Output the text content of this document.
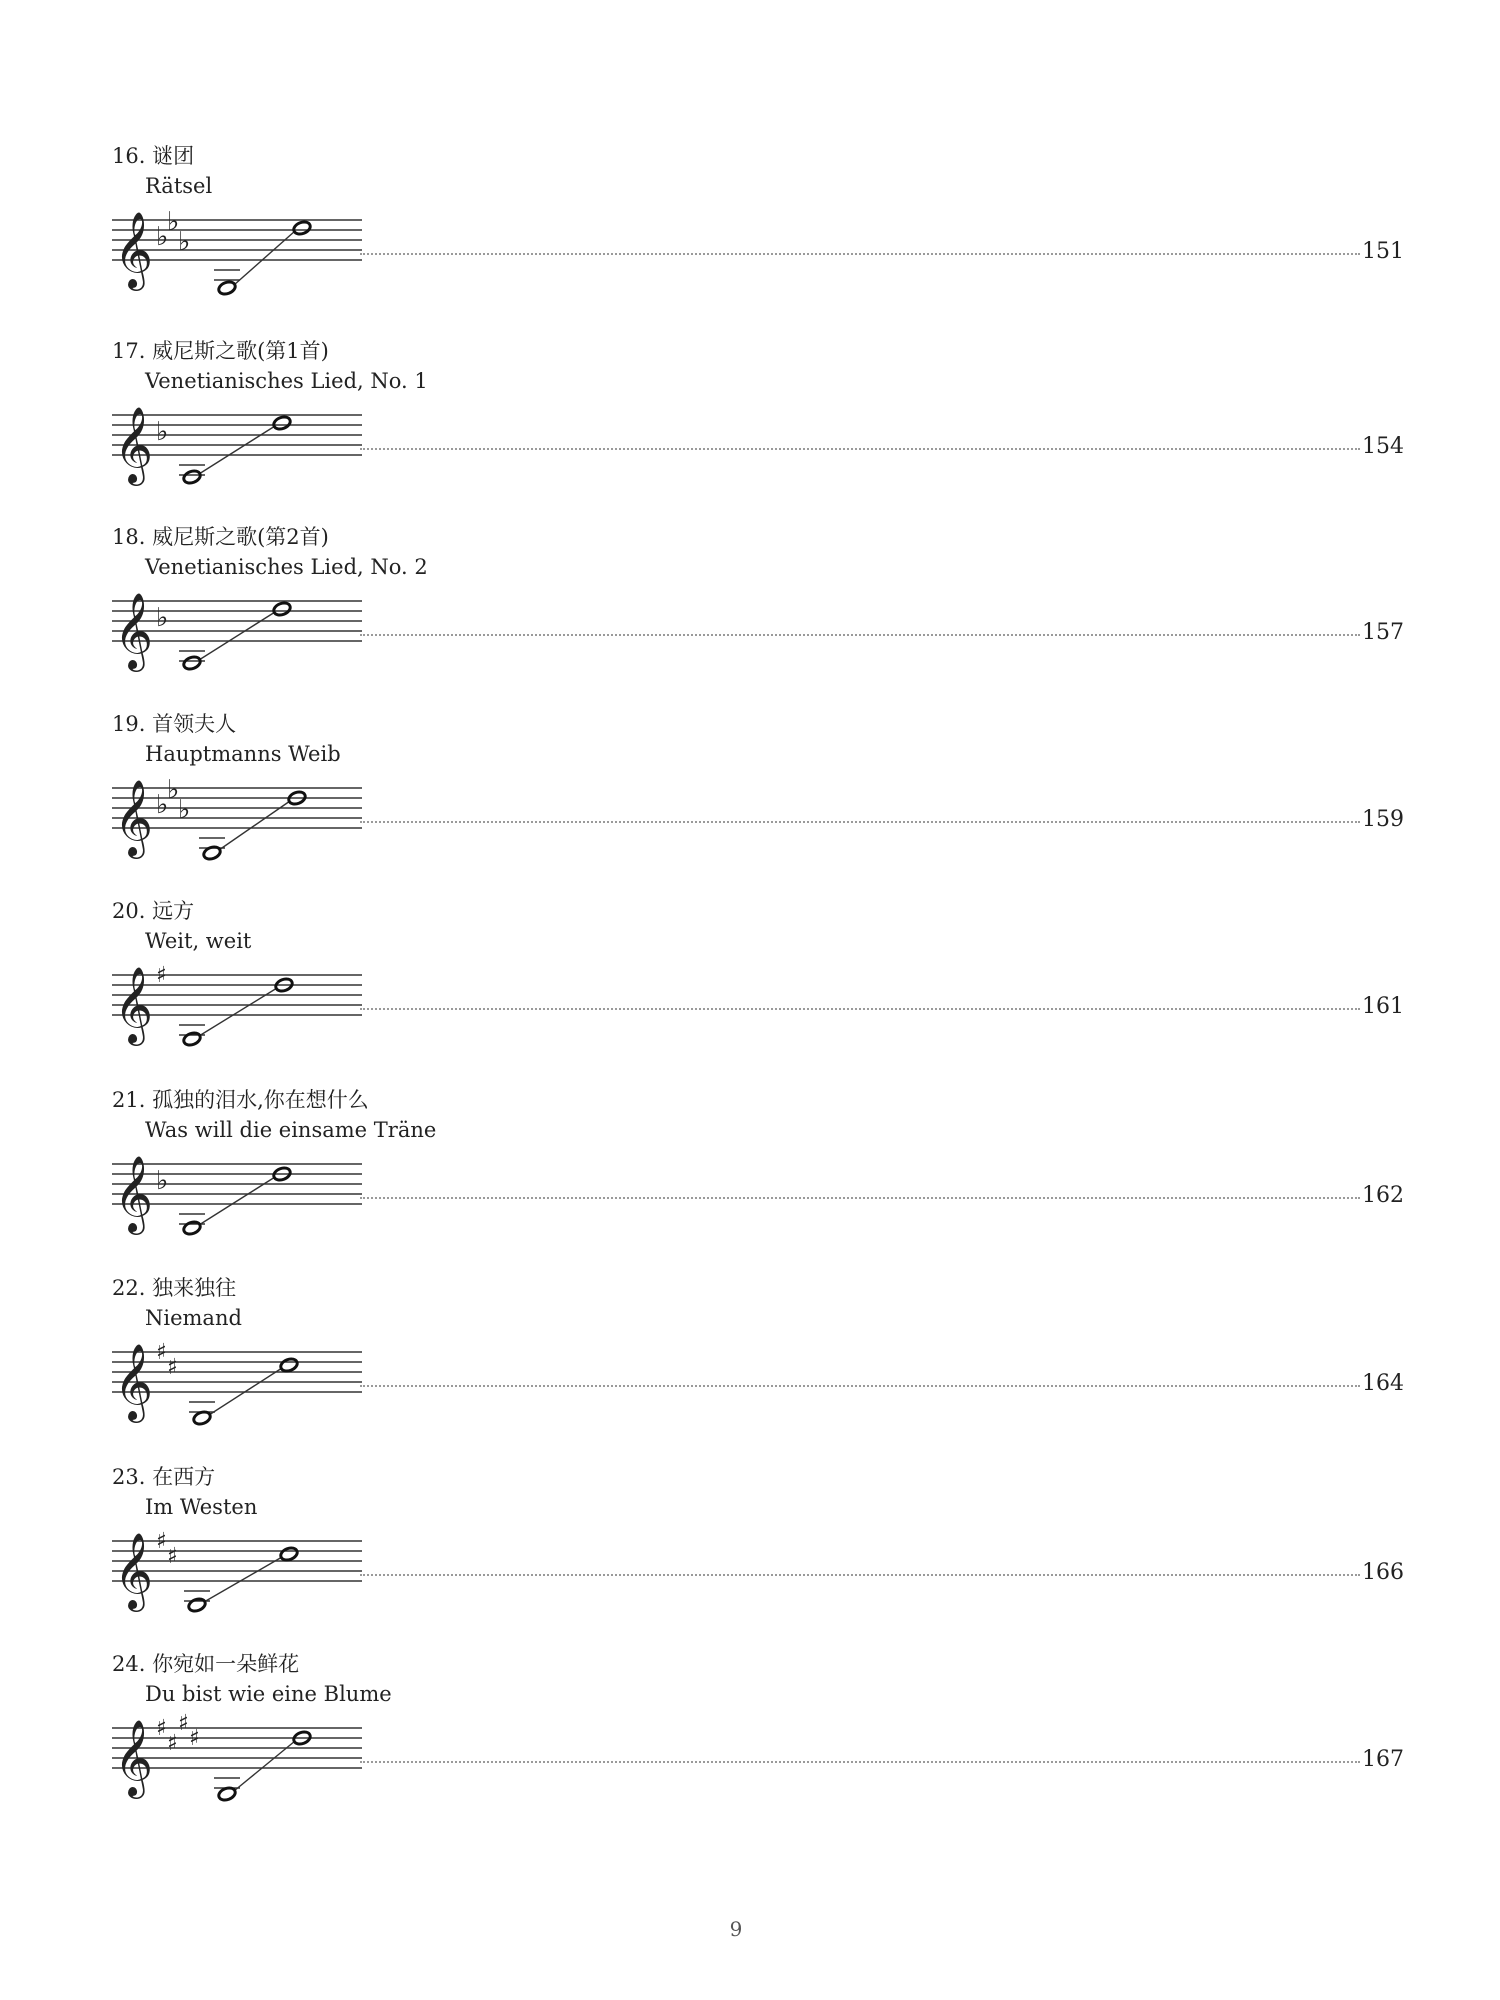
16. 谜团
Rätsel
𝄞 ♭
♭
♭	151
17. 威尼斯之歌(第1首)
Venetianisches Lied, No. 1
𝄞 ♭	154
18. 威尼斯之歌(第2首)
Venetianisches Lied, No. 2
𝄞 ♭	157
19. 首领夫人
Hauptmanns Weib
𝄞 ♭
♭
♭	159
20. 远方
Weit, weit
𝄞 ♯
161
21. 孤独的泪水,你在想什么
Was will die einsame Träne
𝄞 ♭	162
22. 独来独往
Niemand
𝄞 ♯
♯
164
23. 在西方
Im Westen
𝄞 ♯
♯
166
24. 你宛如一朵鲜花
Du bist wie eine Blume
𝄞 ♯
♯
♯
♯
167
9
